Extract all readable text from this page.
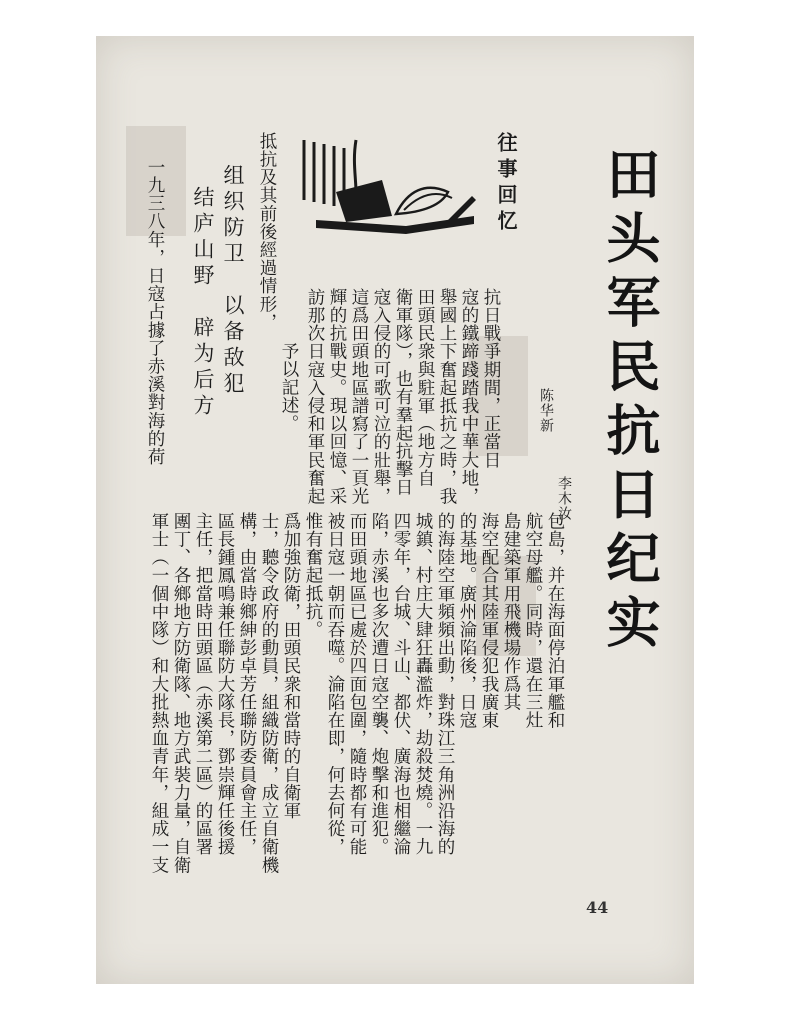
田头军民抗日纪实
陈华新
李木汝
往事回忆
抗日戰爭期間，正當日
寇的鐵蹄踐踏我中華大地，
舉國上下奮起抵抗之時，我
田頭民衆與駐軍（地方自
衛軍隊），也有羣起抗擊日
寇入侵的可歌可泣的壯舉，
這爲田頭地區譜寫了一頁光
輝的抗戰史。現以回憶、采
訪那次日寇入侵和軍民奮起
抵抗及其前後經過情形，
予以記述。
组织防卫　以备敌犯
结庐山野　辟为后方
一九三八年，日寇占據了赤溪對海的荷
包島，并在海面停泊軍艦和
航空母艦。同時，還在三灶
島建築軍用飛機場作爲其
海空配合其陸軍侵犯我廣東
的基地。廣州淪陷後，日寇
的海陸空軍頻頻出動，對珠江三角洲沿海的
城鎮、村庄大肆狂轟濫炸，劫殺焚燒。一九
四零年，台城、斗山、都伏、廣海也相繼淪
陷，赤溪也多次遭日寇空襲、炮擊和進犯。
而田頭地區已處於四面包圍，隨時都有可能
被日寇一朝而吞噬。淪陷在即，何去何從，
惟有奮起抵抗。
爲加強防衛，田頭民衆和當時的自衛軍
士，聽令政府的動員，組織防衛，成立自衛機
構，由當時鄉紳彭卓芳任聯防委員會主任，
區長鍾鳳鳴兼任聯防大隊長，鄧崇輝任後援
主任，把當時田頭區（赤溪第二區）的區署
團丁、各鄉地方防衛隊、地方武裝力量，自衛
軍士（一個中隊）和大批熱血青年，組成一支
44
